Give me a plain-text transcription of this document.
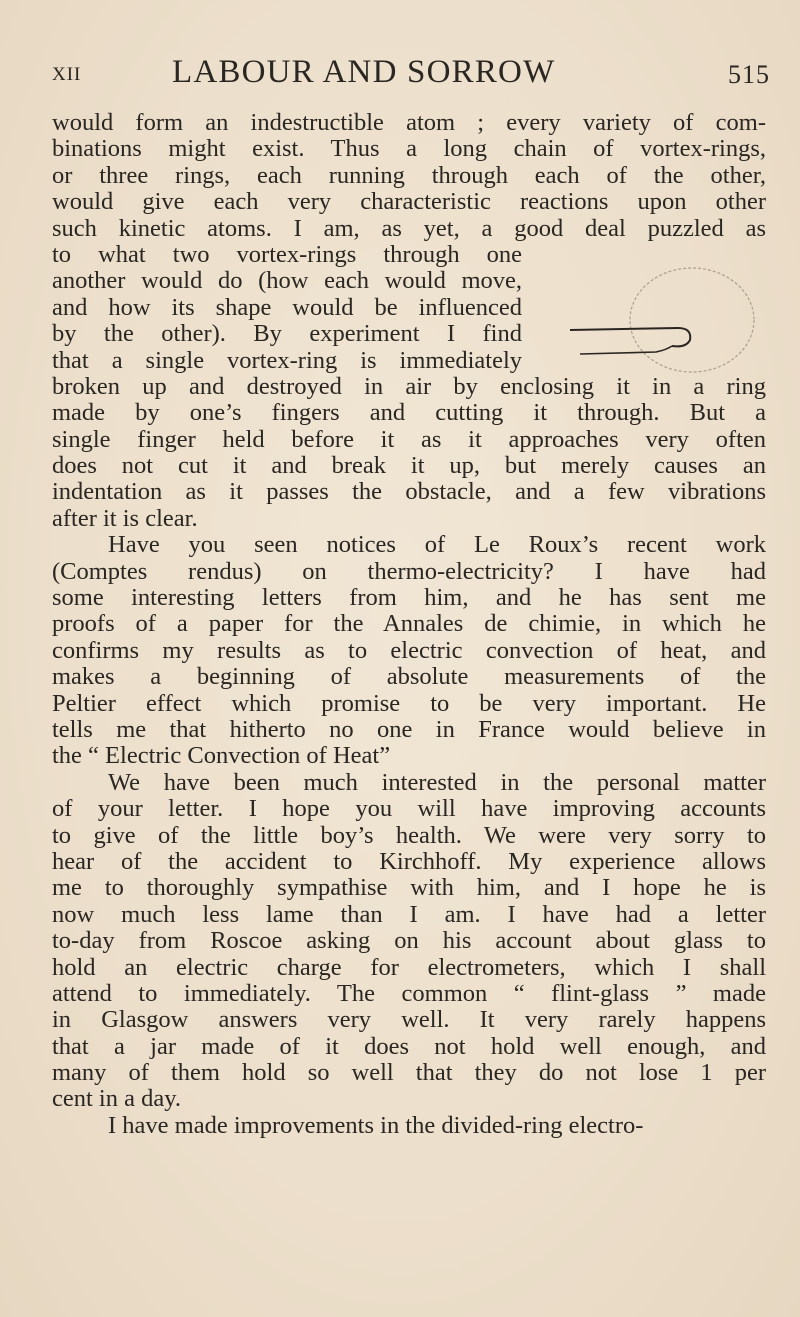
XII	LABOUR AND SORROW	515
would form an indestructible atom ; every variety of com-
binations might exist. Thus a long chain of vortex-rings,
or three rings, each running through each of the other,
would give each very characteristic reactions upon other
such kinetic atoms. I am, as yet, a good deal puzzled as
to what two vortex-rings through one
another would do (how each would move,
and how its shape would be influenced
by the other). By experiment I find
that a single vortex-ring is immediately
broken up and destroyed in air by enclosing it in a ring
made by one’s fingers and cutting it through. But a
single finger held before it as it approaches very often
does not cut it and break it up, but merely causes an
indentation as it passes the obstacle, and a few vibrations
after it is clear.
Have you seen notices of Le Roux’s recent work
(Comptes rendus) on thermo-electricity? I have had
some interesting letters from him, and he has sent me
proofs of a paper for the Annales de chimie, in which he
confirms my results as to electric convection of heat, and
makes a beginning of absolute measurements of the
Peltier effect which promise to be very important. He
tells me that hitherto no one in France would believe in
the “ Electric Convection of Heat”
We have been much interested in the personal matter
of your letter. I hope you will have improving accounts
to give of the little boy’s health. We were very sorry to
hear of the accident to Kirchhoff. My experience allows
me to thoroughly sympathise with him, and I hope he is
now much less lame than I am. I have had a letter
to-day from Roscoe asking on his account about glass to
hold an electric charge for electrometers, which I shall
attend to immediately. The common “ flint-glass ” made
in Glasgow answers very well. It very rarely happens
that a jar made of it does not hold well enough, and
many of them hold so well that they do not lose 1 per
cent in a day.
I have made improvements in the divided-ring electro-
